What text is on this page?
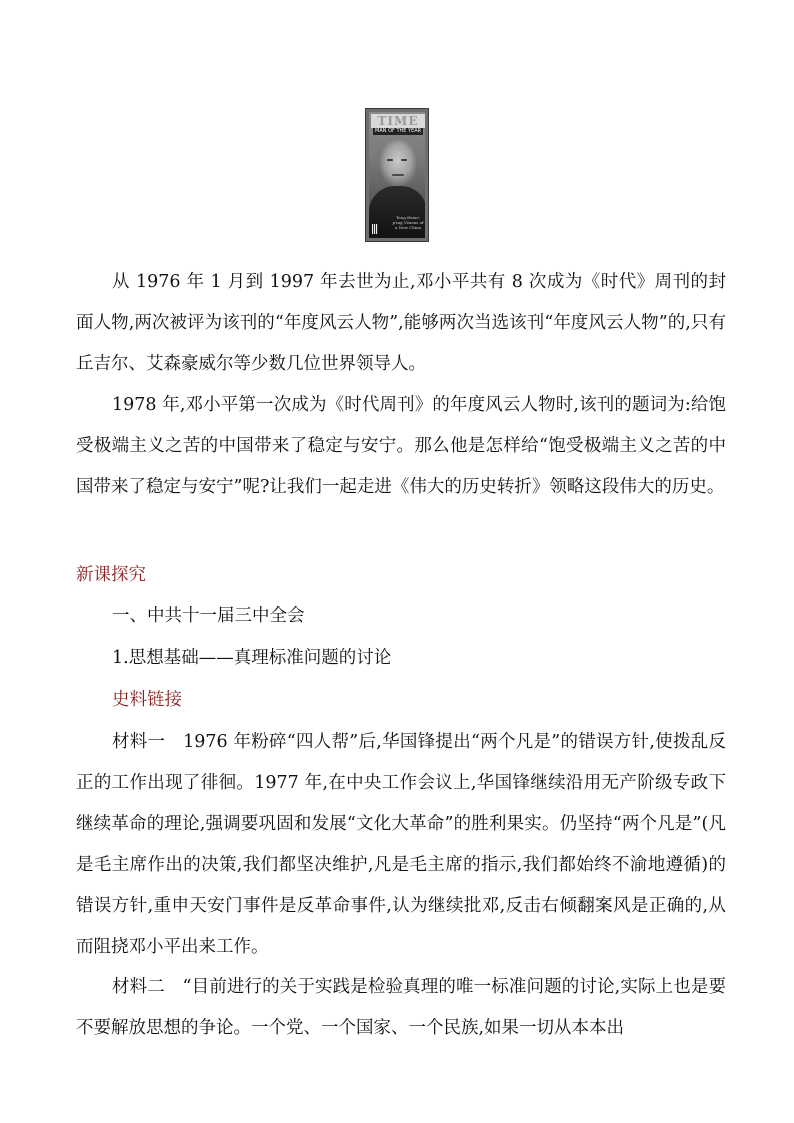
TIME
MAN OF THE YEAR
Teng Hsiao-p'ing Visions of a New China

从 1976 年 1 月到 1997 年去世为止,邓小平共有 8 次成为《时代》周刊的封面人物,两次被评为该刊的“年度风云人物”,能够两次当选该刊“年度风云人物”的,只有丘吉尔、艾森豪威尔等少数几位世界领导人。

1978 年,邓小平第一次成为《时代周刊》的年度风云人物时,该刊的题词为:给饱受极端主义之苦的中国带来了稳定与安宁。那么他是怎样给“饱受极端主义之苦的中国带来了稳定与安宁”呢?让我们一起走进《伟大的历史转折》领略这段伟大的历史。

新课探究

一、中共十一届三中全会

1.思想基础——真理标准问题的讨论

史料链接

材料一　1976 年粉碎“四人帮”后,华国锋提出“两个凡是”的错误方针,使拨乱反正的工作出现了徘徊。1977 年,在中央工作会议上,华国锋继续沿用无产阶级专政下继续革命的理论,强调要巩固和发展“文化大革命”的胜利果实。仍坚持“两个凡是”(凡是毛主席作出的决策,我们都坚决维护,凡是毛主席的指示,我们都始终不渝地遵循)的错误方针,重申天安门事件是反革命事件,认为继续批邓,反击右倾翻案风是正确的,从而阻挠邓小平出来工作。

材料二　“目前进行的关于实践是检验真理的唯一标准问题的讨论,实际上也是要不要解放思想的争论。一个党、一个国家、一个民族,如果一切从本本出
